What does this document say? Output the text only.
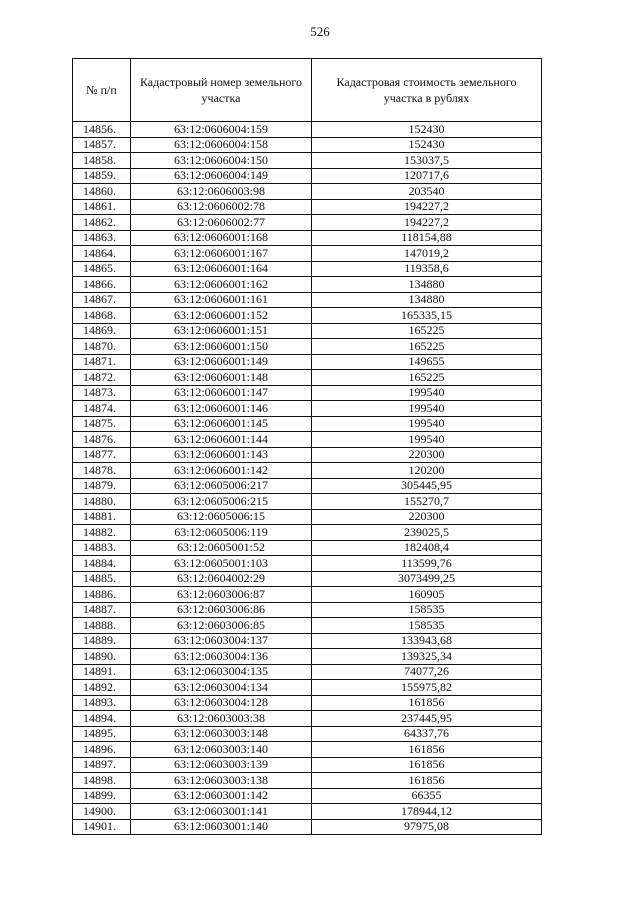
526
№ п/п	Кадастровый номер земельного участка	Кадастровая стоимость земельного участка в рублях
14856.	63:12:0606004:159	152430
14857.	63:12:0606004:158	152430
14858.	63:12:0606004:150	153037,5
14859.	63:12:0606004:149	120717,6
14860.	63:12:0606003:98	203540
14861.	63:12:0606002:78	194227,2
14862.	63:12:0606002:77	194227,2
14863.	63:12:0606001:168	118154,88
14864.	63:12:0606001:167	147019,2
14865.	63:12:0606001:164	119358,6
14866.	63:12:0606001:162	134880
14867.	63:12:0606001:161	134880
14868.	63:12:0606001:152	165335,15
14869.	63:12:0606001:151	165225
14870.	63:12:0606001:150	165225
14871.	63:12:0606001:149	149655
14872.	63:12:0606001:148	165225
14873.	63:12:0606001:147	199540
14874.	63:12:0606001:146	199540
14875.	63:12:0606001:145	199540
14876.	63:12:0606001:144	199540
14877.	63:12:0606001:143	220300
14878.	63:12:0606001:142	120200
14879.	63:12:0605006:217	305445,95
14880.	63:12:0605006:215	155270,7
14881.	63:12:0605006:15	220300
14882.	63:12:0605006:119	239025,5
14883.	63:12:0605001:52	182408,4
14884.	63:12:0605001:103	113599,76
14885.	63:12:0604002:29	3073499,25
14886.	63:12:0603006:87	160905
14887.	63:12:0603006:86	158535
14888.	63:12:0603006:85	158535
14889.	63:12:0603004:137	133943,68
14890.	63:12:0603004:136	139325,34
14891.	63:12:0603004:135	74077,26
14892.	63:12:0603004:134	155975,82
14893.	63:12:0603004:128	161856
14894.	63:12:0603003:38	237445,95
14895.	63:12:0603003:148	64337,76
14896.	63:12:0603003:140	161856
14897.	63:12:0603003:139	161856
14898.	63:12:0603003:138	161856
14899.	63:12:0603001:142	66355
14900.	63:12:0603001:141	178944,12
14901.	63:12:0603001:140	97975,08
